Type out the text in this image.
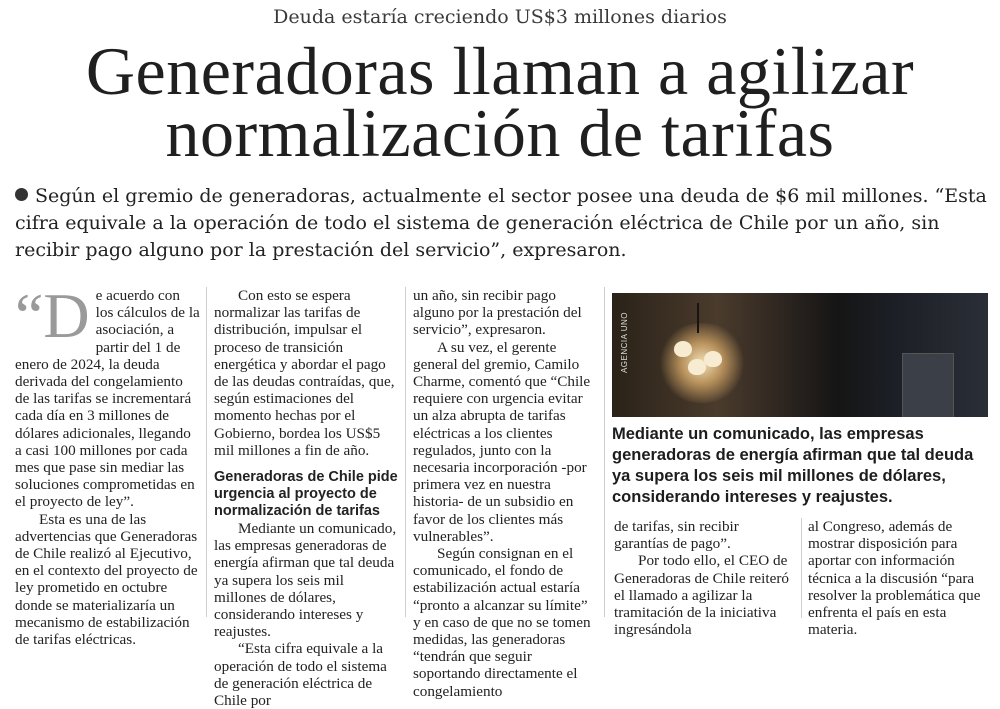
Deuda estaría creciendo US$3 millones diarios
Generadoras llaman a agilizar
normalización de tarifas
Según el gremio de generadoras, actualmente el sector posee una deuda de $6 mil millones. “Esta cifra equivale a la operación de todo el sistema de generación eléctrica de Chile por un año, sin recibir pago alguno por la prestación del servicio”, expresaron.
“D e acuerdo con los cálculos de la asociación, a partir del 1 de enero de 2024, la deuda derivada del congelamiento de las tarifas se incrementará cada día en 3 millones de dólares adicionales, llegando a casi 100 millones por cada mes que pase sin mediar las soluciones comprometidas en el proyecto de ley”.

Esta es una de las advertencias que Generadoras de Chile realizó al Ejecutivo, en el contexto del proyecto de ley prometido en octubre donde se materializaría un mecanismo de estabilización de tarifas eléctricas.

Con esto se espera normalizar las tarifas de distribución, impulsar el proceso de transición energética y abordar el pago de las deudas contraídas, que, según estimaciones del momento hechas por el Gobierno, bordea los US$5 mil millones a fin de año.

Generadoras de Chile pide urgencia al proyecto de normalización de tarifas

Mediante un comunicado, las empresas generadoras de energía afirman que tal deuda ya supera los seis mil millones de dólares, considerando intereses y reajustes.

“Esta cifra equivale a la operación de todo el sistema de generación eléctrica de Chile por

un año, sin recibir pago alguno por la prestación del servicio”, expresaron.

A su vez, el gerente general del gremio, Camilo Charme, comentó que “Chile requiere con urgencia evitar un alza abrupta de tarifas eléctricas a los clientes regulados, junto con la necesaria incorporación -por primera vez en nuestra historia- de un subsidio en favor de los clientes más vulnerables”.

Según consignan en el comunicado, el fondo de estabilización actual estaría “pronto a alcanzar su límite” y en caso de que no se tomen medidas, las generadoras “tendrán que seguir soportando directamente el congelamiento

AGENCIA UNO
Mediante un comunicado, las empresas generadoras de energía afirman que tal deuda ya supera los seis mil millones de dólares, considerando intereses y reajustes.

de tarifas, sin recibir garantías de pago”.

Por todo ello, el CEO de Generadoras de Chile reiteró el llamado a agilizar la tramitación de la iniciativa ingresándola

al Congreso, además de mostrar disposición para aportar con información técnica a la discusión “para resolver la problemática que enfrenta el país en esta materia.
